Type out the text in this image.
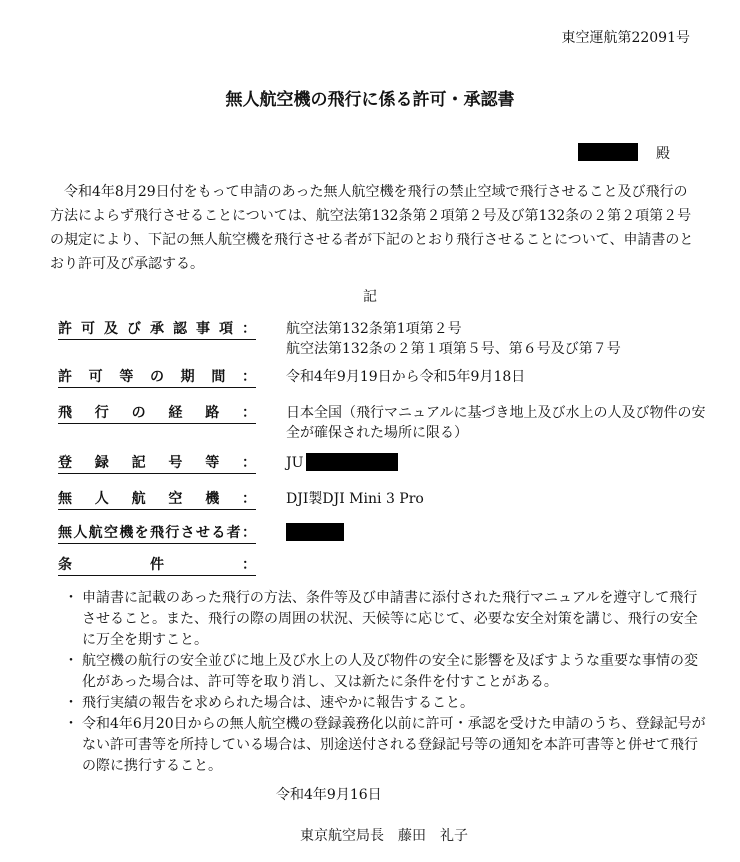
東空運航第22091号
無人航空機の飛行に係る許可・承認書
殿
令和4年8月29日付をもって申請のあった無人航空機を飛行の禁止空域で飛行させること及び飛行の方法によらず飛行させることについては、航空法第132条第２項第２号及び第132条の２第２項第２号の規定により、下記の無人航空機を飛行させる者が下記のとおり飛行させることについて、申請書のとおり許可及び承認する。
記
許可及び承認事項： 航空法第132条第1項第２号
航空法第132条の２第１項第５号、第６号及び第７号
許可等の期間： 令和4年9月19日から令和5年9月18日
飛行の経路： 日本全国（飛行マニュアルに基づき地上及び水上の人及び物件の安全が確保された場所に限る）
登録記号等： JU
無人航空機： DJI製DJI Mini 3 Pro
無人航空機を飛行させる者：
条件：
・ 申請書に記載のあった飛行の方法、条件等及び申請書に添付された飛行マニュアルを遵守して飛行させること。また、飛行の際の周囲の状況、天候等に応じて、必要な安全対策を講じ、飛行の安全に万全を期すこと。
・ 航空機の航行の安全並びに地上及び水上の人及び物件の安全に影響を及ぼすような重要な事情の変化があった場合は、許可等を取り消し、又は新たに条件を付すことがある。
・ 飛行実績の報告を求められた場合は、速やかに報告すること。
・ 令和4年6月20日からの無人航空機の登録義務化以前に許可・承認を受けた申請のうち、登録記号がない許可書等を所持している場合は、別途送付される登録記号等の通知を本許可書等と併せて飛行の際に携行すること。
令和4年9月16日
東京航空局長　藤田　礼子
